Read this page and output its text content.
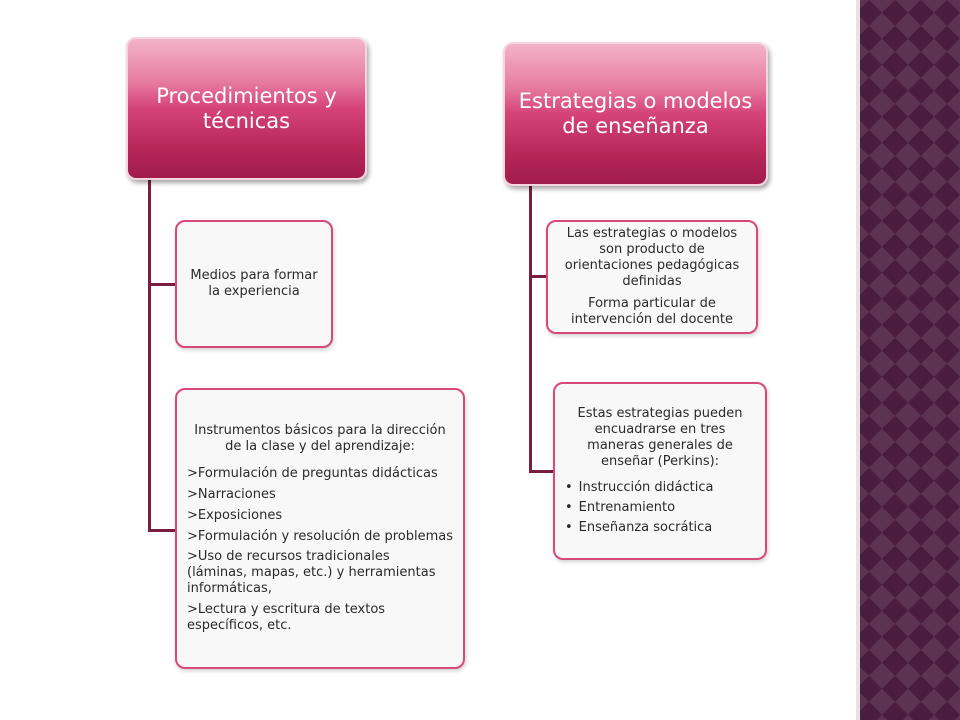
Procedimientos y técnicas

Medios para formar la experiencia

Instrumentos básicos para la dirección de la clase y del aprendizaje:

>Formulación de preguntas didácticas

>Narraciones

>Exposiciones

>Formulación y resolución de problemas

>Uso de recursos tradicionales (láminas, mapas, etc.) y herramientas informáticas,

>Lectura y escritura de textos específicos, etc.

Estrategias o modelos de enseñanza

Las estrategias o modelos son producto de orientaciones pedagógicas definidas

Forma particular de intervención del docente

Estas estrategias pueden encuadrarse en tres maneras generales de enseñar (Perkins):

• Instrucción didáctica
• Entrenamiento
• Enseñanza socrática
